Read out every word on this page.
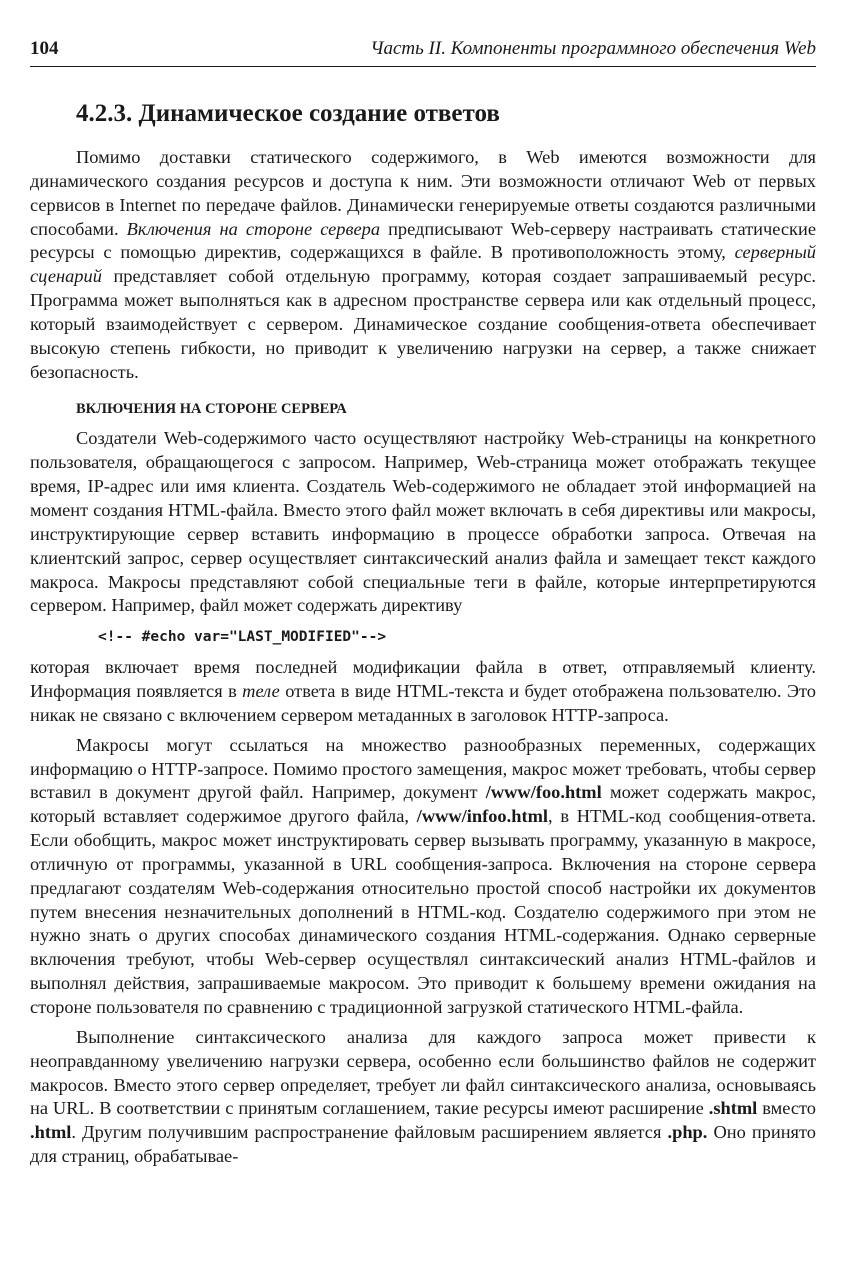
104	Часть II. Компоненты программного обеспечения Web
4.2.3. Динамическое создание ответов

Помимо доставки статического содержимого, в Web имеются возможности для динамического создания ресурсов и доступа к ним. Эти возможности отличают Web от первых сервисов в Internet по передаче файлов. Динамически генерируемые ответы создаются различными способами. Включения на стороне сервера предписывают Web-серверу настраивать статические ресурсы с помощью директив, содержащихся в файле. В противоположность этому, серверный сценарий представляет собой отдельную программу, которая создает запрашиваемый ресурс. Программа может выполняться как в адресном пространстве сервера или как отдельный процесс, который взаимодействует с сервером. Динамическое создание сообщения-ответа обеспечивает высокую степень гибкости, но приводит к увеличению нагрузки на сервер, а также снижает безопасность.

ВКЛЮЧЕНИЯ НА СТОРОНЕ СЕРВЕРА

Создатели Web-содержимого часто осуществляют настройку Web-страницы на конкретного пользователя, обращающегося с запросом. Например, Web-страница может отображать текущее время, IP-адрес или имя клиента. Создатель Web-содержимого не обладает этой информацией на момент создания HTML-файла. Вместо этого файл может включать в себя директивы или макросы, инструктирующие сервер вставить информацию в процессе обработки запроса. Отвечая на клиентский запрос, сервер осуществляет синтаксический анализ файла и замещает текст каждого макроса. Макросы представляют собой специальные теги в файле, которые интерпретируются сервером. Например, файл может содержать директиву

<!-- #echo var="LAST_MODIFIED"-->

которая включает время последней модификации файла в ответ, отправляемый клиенту. Информация появляется в теле ответа в виде HTML-текста и будет отображена пользователю. Это никак не связано с включением сервером метаданных в заголовок HTTP-запроса.

Макросы могут ссылаться на множество разнообразных переменных, содержащих информацию о HTTP-запросе. Помимо простого замещения, макрос может требовать, чтобы сервер вставил в документ другой файл. Например, документ /www/foo.html может содержать макрос, который вставляет содержимое другого файла, /www/infoo.html, в HTML-код сообщения-ответа. Если обобщить, макрос может инструктировать сервер вызывать программу, указанную в макросе, отличную от программы, указанной в URL сообщения-запроса. Включения на стороне сервера предлагают создателям Web-содержания относительно простой способ настройки их документов путем внесения незначительных дополнений в HTML-код. Создателю содержимого при этом не нужно знать о других способах динамического создания HTML-содержания. Однако серверные включения требуют, чтобы Web-сервер осуществлял синтаксический анализ HTML-файлов и выполнял действия, запрашиваемые макросом. Это приводит к большему времени ожидания на стороне пользователя по сравнению с традиционной загрузкой статического HTML-файла.

Выполнение синтаксического анализа для каждого запроса может привести к неоправданному увеличению нагрузки сервера, особенно если большинство файлов не содержит макросов. Вместо этого сервер определяет, требует ли файл синтаксического анализа, основываясь на URL. В соответствии с принятым соглашением, такие ресурсы имеют расширение .shtml вместо .html. Другим получившим распространение файловым расширением является .php. Оно принято для страниц, обрабатывае-
